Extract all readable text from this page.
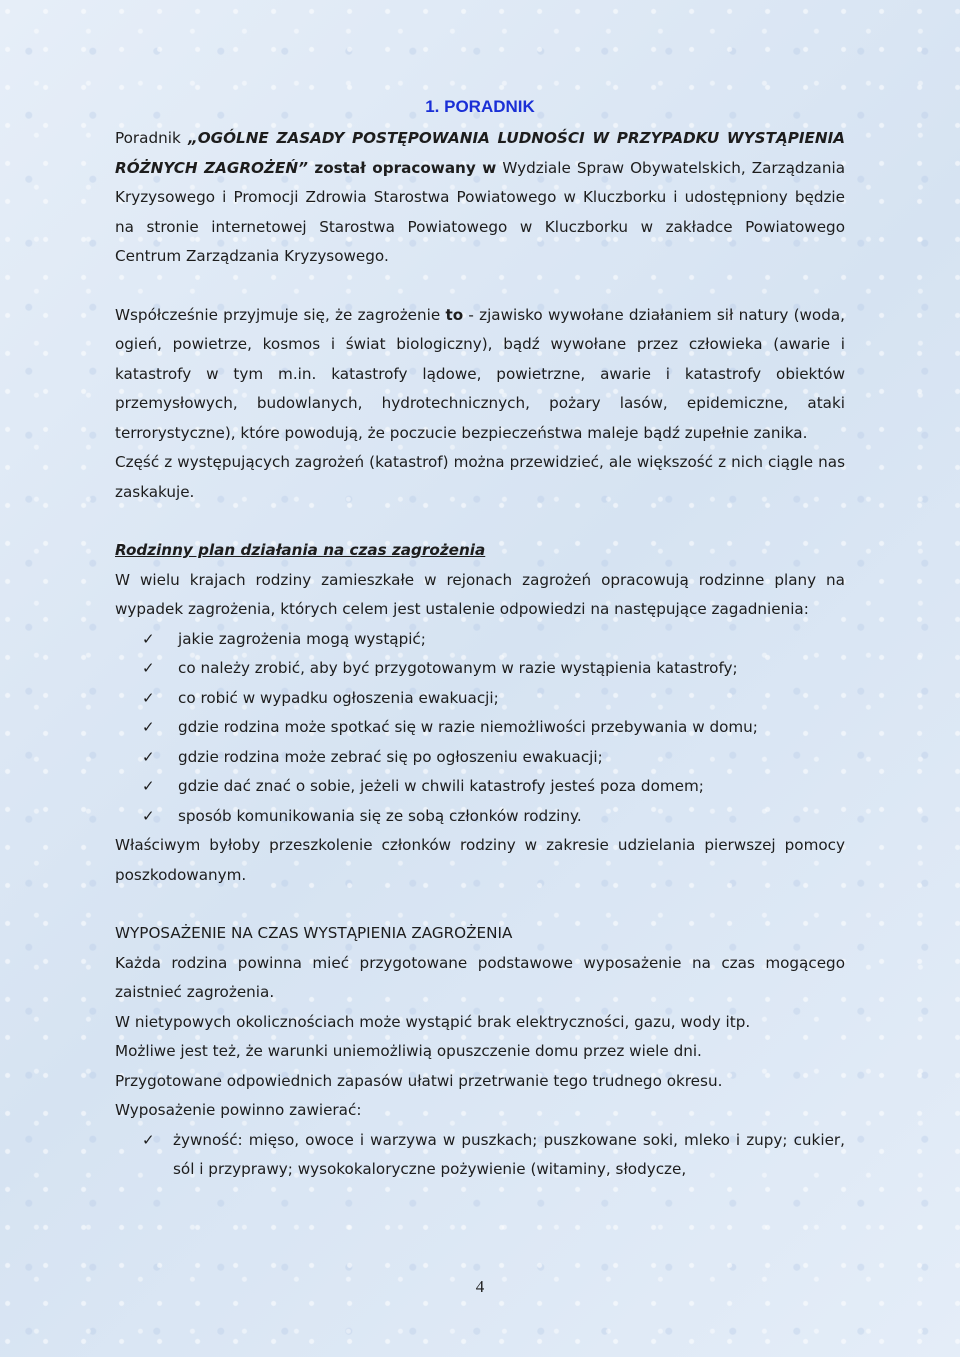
1. PORADNIK

Poradnik „OGÓLNE ZASADY POSTĘPOWANIA LUDNOŚCI W PRZYPADKU WYSTĄPIENIA RÓŻNYCH ZAGROŻEŃ” został opracowany w Wydziale Spraw Obywatelskich, Zarządzania Kryzysowego i Promocji Zdrowia Starostwa Powiatowego w Kluczborku i udostępniony będzie na stronie internetowej Starostwa Powiatowego w Kluczborku w zakładce Powiatowego Centrum Zarządzania Kryzysowego.

Współcześnie przyjmuje się, że zagrożenie to - zjawisko wywołane działaniem sił natury (woda, ogień, powietrze, kosmos i świat biologiczny), bądź wywołane przez człowieka (awarie i katastrofy w tym m.in. katastrofy lądowe, powietrzne, awarie i katastrofy obiektów przemysłowych, budowlanych, hydrotechnicznych, pożary lasów, epidemiczne, ataki terrorystyczne), które powodują, że poczucie bezpieczeństwa maleje bądź zupełnie zanika.

Część z występujących zagrożeń (katastrof) można przewidzieć, ale większość z nich ciągle nas zaskakuje.

Rodzinny plan działania na czas zagrożenia

W wielu krajach rodziny zamieszkałe w rejonach zagrożeń opracowują rodzinne plany na wypadek zagrożenia, których celem jest ustalenie odpowiedzi na następujące zagadnienia:

✓ jakie zagrożenia mogą wystąpić;
✓ co należy zrobić, aby być przygotowanym w razie wystąpienia katastrofy;
✓ co robić w wypadku ogłoszenia ewakuacji;
✓ gdzie rodzina może spotkać się w razie niemożliwości przebywania w domu;
✓ gdzie rodzina może zebrać się po ogłoszeniu ewakuacji;
✓ gdzie dać znać o sobie, jeżeli w chwili katastrofy jesteś poza domem;
✓ sposób komunikowania się ze sobą członków rodziny.

Właściwym byłoby przeszkolenie członków rodziny w zakresie udzielania pierwszej pomocy poszkodowanym.

WYPOSAŻENIE NA CZAS WYSTĄPIENIA ZAGROŻENIA

Każda rodzina powinna mieć przygotowane podstawowe wyposażenie na czas mogącego zaistnieć zagrożenia.

W nietypowych okolicznościach może wystąpić brak elektryczności, gazu, wody itp.

Możliwe jest też, że warunki uniemożliwią opuszczenie domu przez wiele dni.

Przygotowane odpowiednich zapasów ułatwi przetrwanie tego trudnego okresu.

Wyposażenie powinno zawierać:

✓ żywność: mięso, owoce i warzywa w puszkach; puszkowane soki, mleko i zupy; cukier, sól i przyprawy; wysokokaloryczne pożywienie (witaminy, słodycze,
4
